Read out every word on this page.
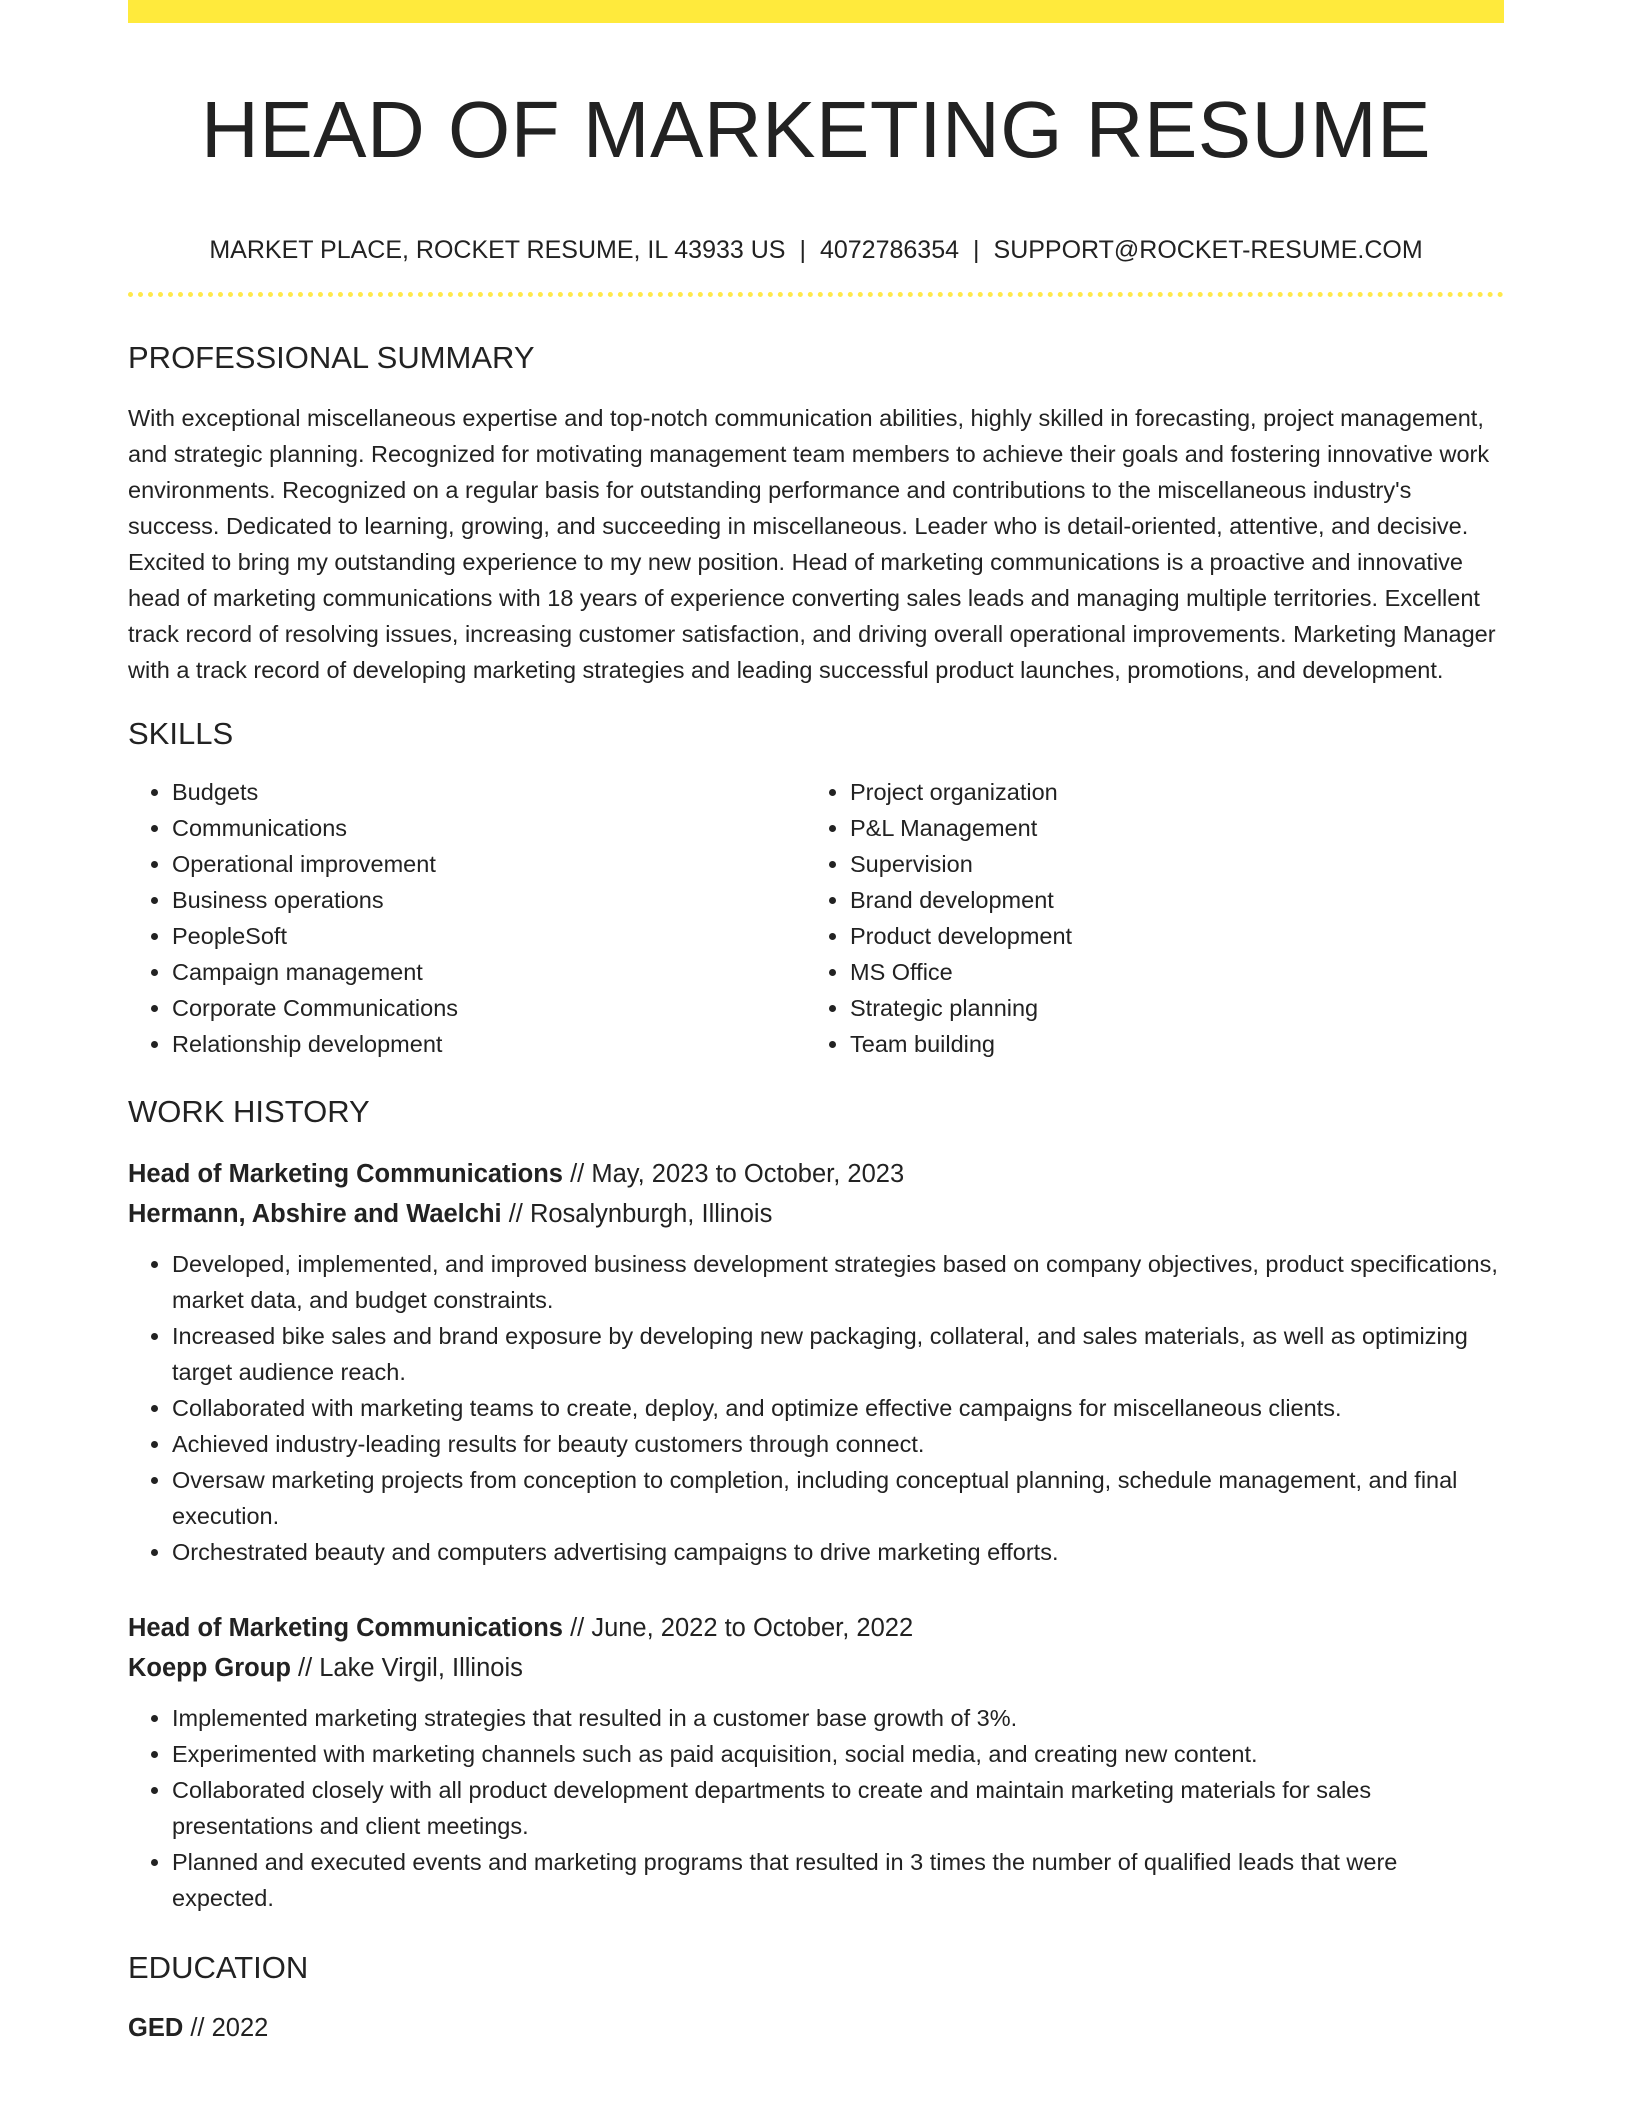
HEAD OF MARKETING RESUME
MARKET PLACE, ROCKET RESUME, IL 43933 US | 4072786354 | SUPPORT@ROCKET-RESUME.COM
PROFESSIONAL SUMMARY
With exceptional miscellaneous expertise and top-notch communication abilities, highly skilled in forecasting, project management, and strategic planning. Recognized for motivating management team members to achieve their goals and fostering innovative work environments. Recognized on a regular basis for outstanding performance and contributions to the miscellaneous industry's success. Dedicated to learning, growing, and succeeding in miscellaneous. Leader who is detail-oriented, attentive, and decisive. Excited to bring my outstanding experience to my new position. Head of marketing communications is a proactive and innovative head of marketing communications with 18 years of experience converting sales leads and managing multiple territories. Excellent track record of resolving issues, increasing customer satisfaction, and driving overall operational improvements. Marketing Manager with a track record of developing marketing strategies and leading successful product launches, promotions, and development.
SKILLS
• Budgets
• Communications
• Operational improvement
• Business operations
• PeopleSoft
• Campaign management
• Corporate Communications
• Relationship development
• Project organization
• P&L Management
• Supervision
• Brand development
• Product development
• MS Office
• Strategic planning
• Team building
WORK HISTORY
Head of Marketing Communications // May, 2023 to October, 2023
Hermann, Abshire and Waelchi // Rosalynburgh, Illinois
• Developed, implemented, and improved business development strategies based on company objectives, product specifications, market data, and budget constraints.
• Increased bike sales and brand exposure by developing new packaging, collateral, and sales materials, as well as optimizing target audience reach.
• Collaborated with marketing teams to create, deploy, and optimize effective campaigns for miscellaneous clients.
• Achieved industry-leading results for beauty customers through connect.
• Oversaw marketing projects from conception to completion, including conceptual planning, schedule management, and final execution.
• Orchestrated beauty and computers advertising campaigns to drive marketing efforts.
Head of Marketing Communications // June, 2022 to October, 2022
Koepp Group // Lake Virgil, Illinois
• Implemented marketing strategies that resulted in a customer base growth of 3%.
• Experimented with marketing channels such as paid acquisition, social media, and creating new content.
• Collaborated closely with all product development departments to create and maintain marketing materials for sales presentations and client meetings.
• Planned and executed events and marketing programs that resulted in 3 times the number of qualified leads that were expected.
EDUCATION
GED // 2022
